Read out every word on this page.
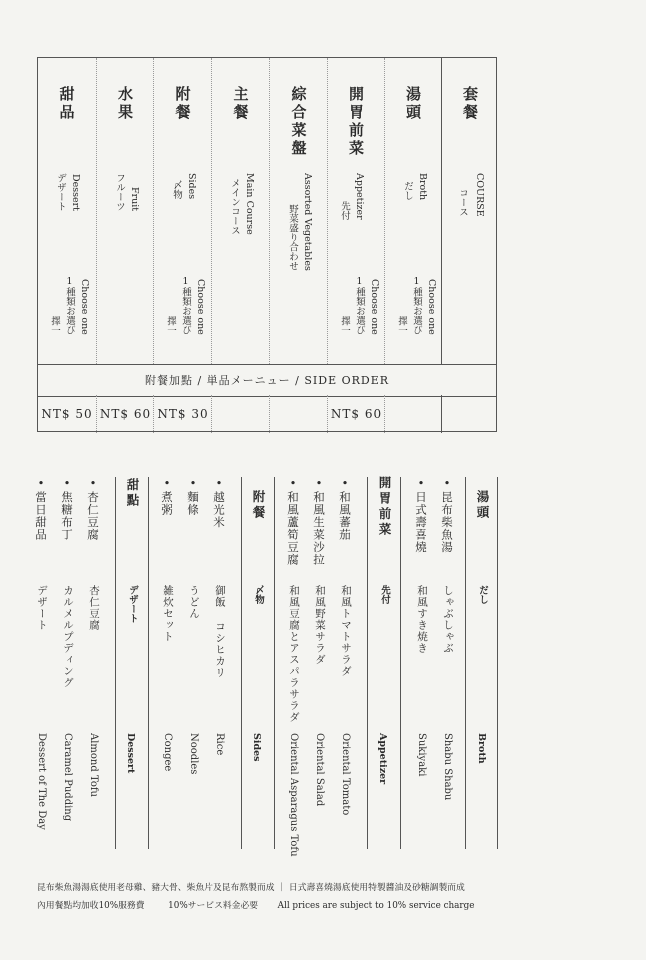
套餐
コース COURSE
湯頭
だし Broth
擇一 1種類お選び Choose one
開胃前菜
先付 Appetizer
擇一 1種類お選び Choose one
綜合菜盤
野菜盛り合わせ Assorted Vegetables
主餐
メインコース Main Course
附餐
〆物 Sides
擇一 1種類お選び Choose one
水果
フルーツ Fruit
甜品
デザート Dessert
擇一 1種類お選び Choose one
附餐加點 / 単品メーニュー / SIDE ORDER
NT$ 50 NT$ 60 NT$ 30	NT$ 60
湯頭
だし
Broth
•昆布柴魚湯
しゃぶしゃぶ
Shabu Shabu
•日式壽喜燒
和風すき焼き
Sukiyaki
開胃前菜
先付
Appetizer
•和風蕃茄
和風トマトサラダ
Oriental Tomato
•和風生菜沙拉
和風野菜サラダ
Oriental Salad
•和風蘆筍豆腐
和風豆腐とアスパラサラダ
Oriental Asparagus Tofu
附餐
〆物
Sides
•越光米
御飯 コシヒカリ
Rice
•麵條
うどん
Noodles
•煮粥
雑炊セット
Congee
甜點
デザート
Dessert
•杏仁豆腐
杏仁豆腐
Almond Tofu
•焦糖布丁
カルメルプディング
Caramel Pudding
•當日甜品
デザート
Dessert of The Day
昆布柴魚湯湯底使用老母雞、豬大骨、柴魚片及昆布熬製而成 ｜ 日式壽喜燒湯底使用特製醬油及砂糖調製而成
內用餐點均加收10%服務費	10%サービス料金必要 All prices are subject to 10% service charge
